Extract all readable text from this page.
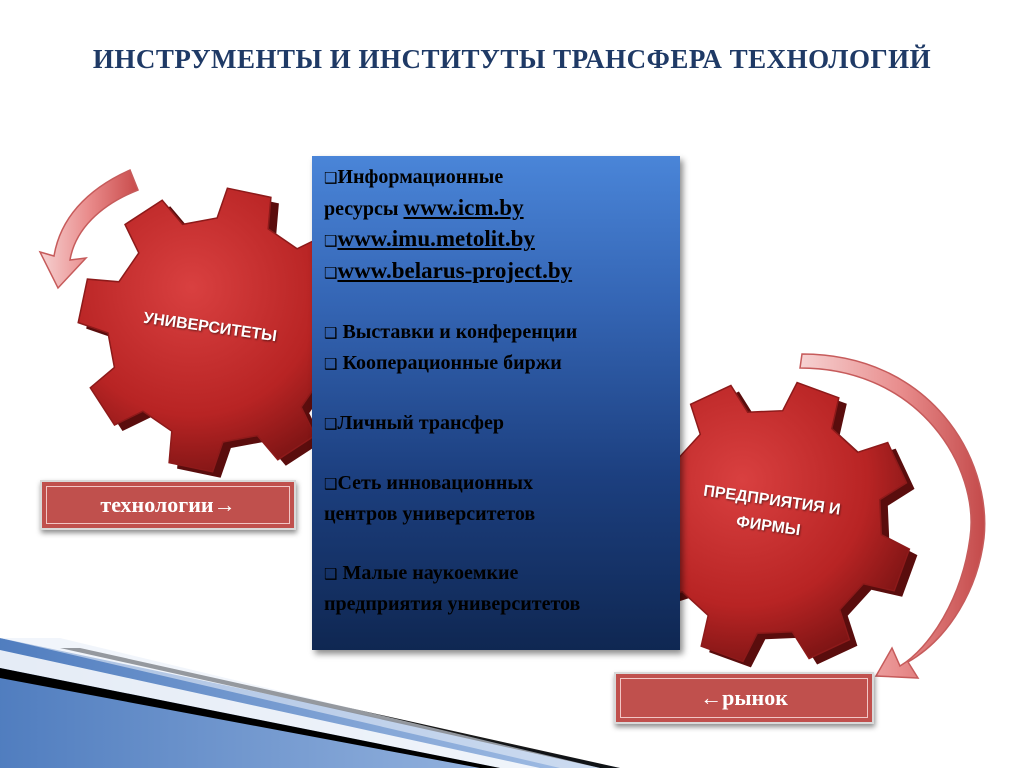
ИНСТРУМЕНТЫ И ИНСТИТУТЫ ТРАНСФЕРА ТЕХНОЛОГИЙ
УНИВЕРСИТЕТЫ
ПРЕДПРИЯТИЯ И
ФИРМЫ
❑Информационные
ресурсы www.icm.by
❑www.imu.metolit.by
❑www.belarus-project.by
❑ Выставки и конференции
❑ Кооперационные биржи
❑Личный трансфер
❑Сеть инновационных
центров университетов
❑ Малые наукоемкие
предприятия университетов
технологии→
←рынок
